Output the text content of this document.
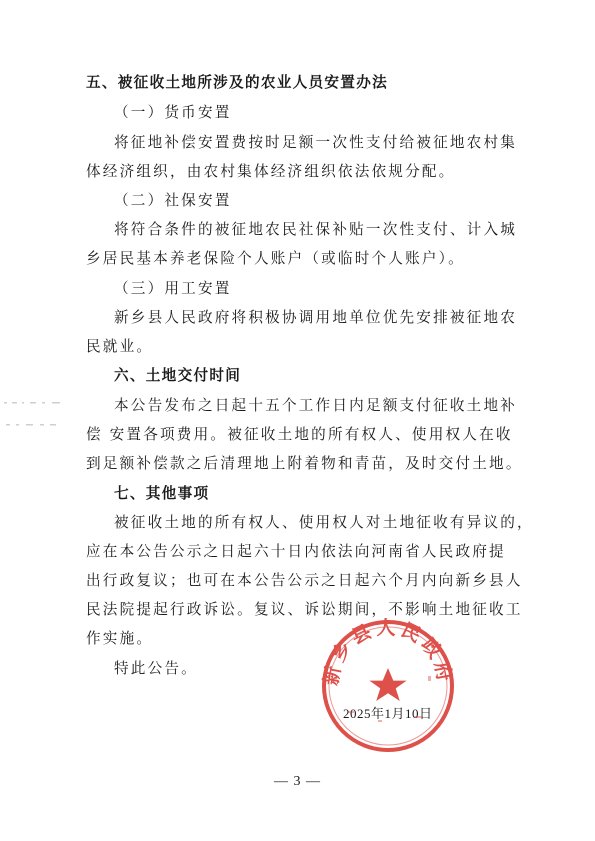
五、被征收土地所涉及的农业人员安置办法
（一）货币安置
将征地补偿安置费按时足额一次性支付给被征地农村集
体经济组织，由农村集体经济组织依法依规分配。
（二）社保安置
将符合条件的被征地农民社保补贴一次性支付、计入城
乡居民基本养老保险个人账户（或临时个人账户）。
（三）用工安置
新乡县人民政府将积极协调用地单位优先安排被征地农
民就业。
六、土地交付时间
本公告发布之日起十五个工作日内足额支付征收土地补
偿 安置各项费用。被征收土地的所有权人、使用权人在收
到足额补偿款之后清理地上附着物和青苗，及时交付土地。
七、其他事项
被征收土地的所有权人、使用权人对土地征收有异议的，
应在本公告公示之日起六十日内依法向河南省人民政府提
出行政复议；也可在本公告公示之日起六个月内向新乡县人
民法院提起行政诉讼。复议、诉讼期间，不影响土地征收工
作实施。
特此公告。
2025年1月10日
新乡县人民政府
— 3 —
